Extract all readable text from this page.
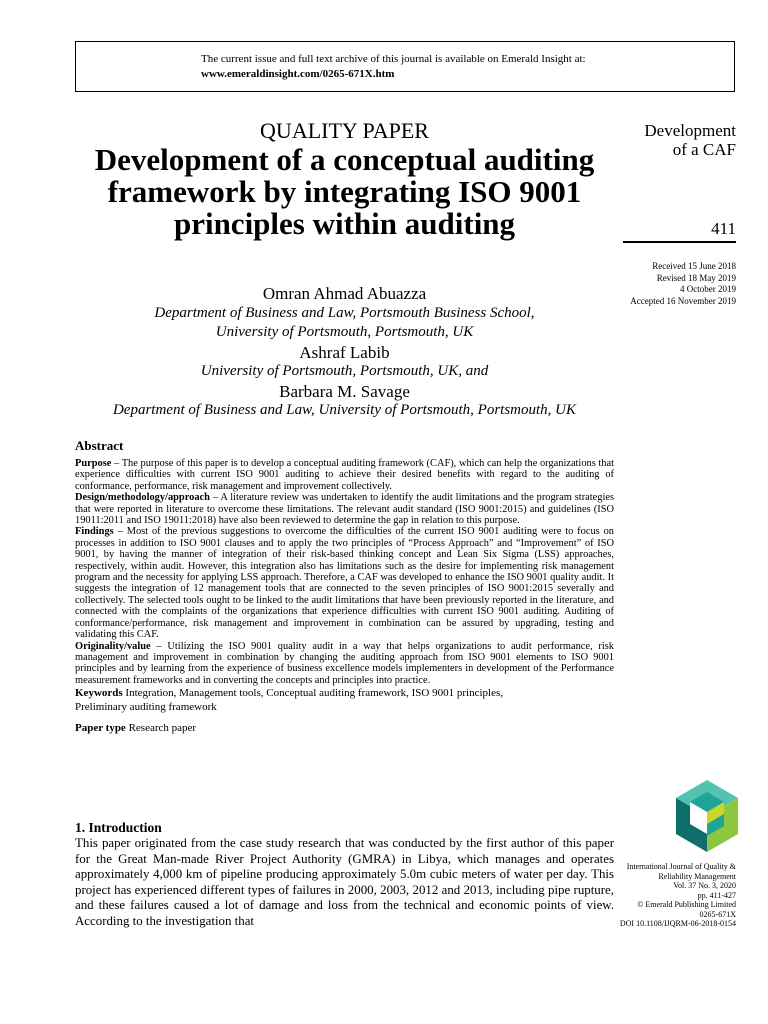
The current issue and full text archive of this journal is available on Emerald Insight at:
www.emeraldinsight.com/0265-671X.htm
QUALITY PAPER
Development of a conceptual auditing framework by integrating ISO 9001 principles within auditing
Omran Ahmad Abuazza
Department of Business and Law, Portsmouth Business School,
University of Portsmouth, Portsmouth, UK
Ashraf Labib
University of Portsmouth, Portsmouth, UK, and
Barbara M. Savage
Department of Business and Law, University of Portsmouth, Portsmouth, UK
Development
of a CAF
411
Received 15 June 2018
Revised 18 May 2019
4 October 2019
Accepted 16 November 2019
Abstract

Purpose – The purpose of this paper is to develop a conceptual auditing framework (CAF), which can help the organizations that experience difficulties with current ISO 9001 auditing to achieve their desired benefits with regard to the auditing of conformance, performance, risk management and improvement collectively.

Design/methodology/approach – A literature review was undertaken to identify the audit limitations and the program strategies that were reported in literature to overcome these limitations. The relevant audit standard (ISO 9001:2015) and guidelines (ISO 19011:2011 and ISO 19011:2018) have also been reviewed to determine the gap in relation to this purpose.

Findings – Most of the previous suggestions to overcome the difficulties of the current ISO 9001 auditing were to focus on processes in addition to ISO 9001 clauses and to apply the two principles of “Process Approach” and “Improvement” of ISO 9001, by having the manner of integration of their risk-based thinking concept and Lean Six Sigma (LSS) approaches, respectively, within audit. However, this integration also has limitations such as the desire for implementing risk management program and the necessity for applying LSS approach. Therefore, a CAF was developed to enhance the ISO 9001 quality audit. It suggests the integration of 12 management tools that are connected to the seven principles of ISO 9001:2015 severally and collectively. The selected tools ought to be linked to the audit limitations that have been previously reported in the literature, and connected with the complaints of the organizations that experience difficulties with current ISO 9001 auditing. Auditing of conformance/performance, risk management and improvement in combination can be assured by upgrading, testing and validating this CAF.

Originality/value – Utilizing the ISO 9001 quality audit in a way that helps organizations to audit performance, risk management and improvement in combination by changing the auditing approach from ISO 9001 elements to ISO 9001 principles and by learning from the experience of business excellence models implementers in development of the Performance measurement frameworks and in converting the concepts and principles into practice.

Keywords Integration, Management tools, Conceptual auditing framework, ISO 9001 principles,
Preliminary auditing framework

Paper type Research paper

1. Introduction

This paper originated from the case study research that was conducted by the first author of this paper for the Great Man-made River Project Authority (GMRA) in Libya, which manages and operates approximately 4,000 km of pipeline producing approximately 5.0m cubic meters of water per day. This project has experienced different types of failures in 2000, 2003, 2012 and 2013, including pipe rupture, and these failures caused a lot of damage and loss from the technical and economic points of view. According to the investigation that

International Journal of Quality &
Reliability Management
Vol. 37 No. 3, 2020
pp. 411-427
© Emerald Publishing Limited
0265-671X
DOI 10.1108/IJQRM-06-2018-0154
